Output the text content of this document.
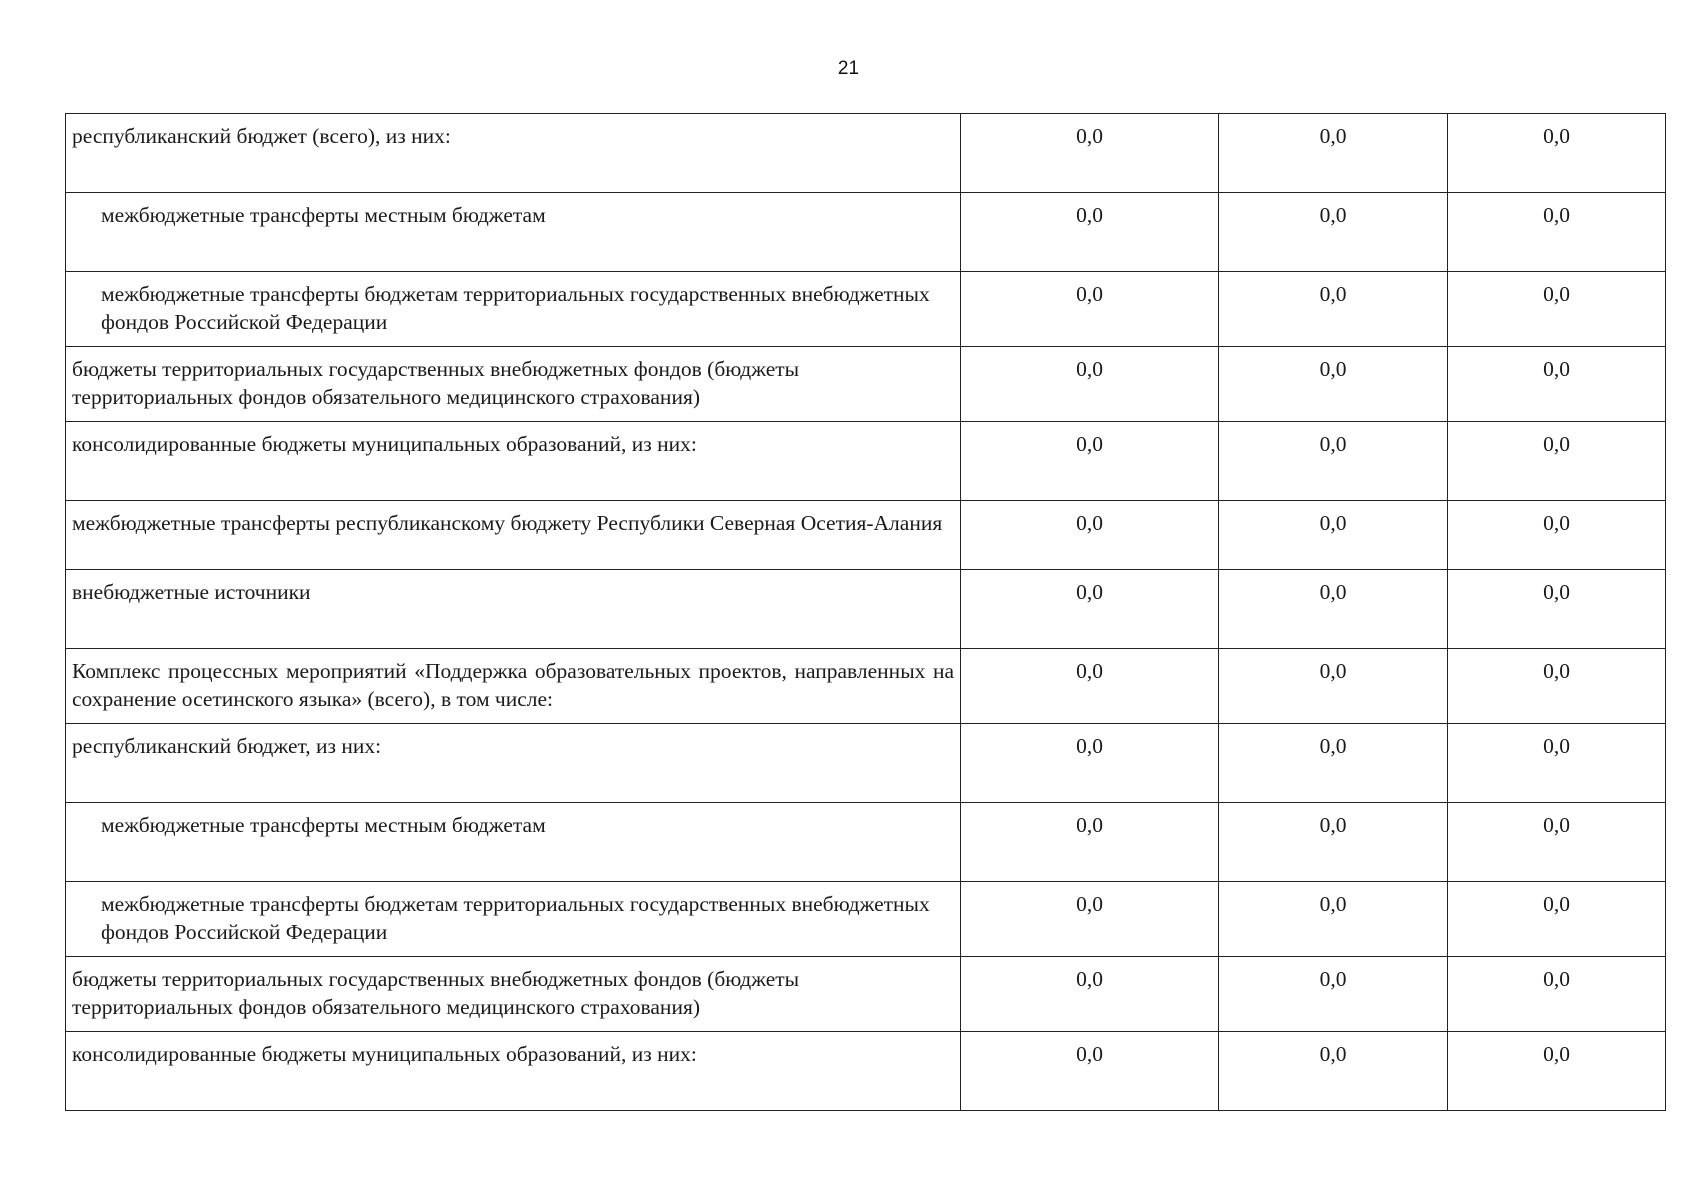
21
республиканский бюджет (всего), из них:	0,0	0,0	0,0
межбюджетные трансферты местным бюджетам	0,0	0,0	0,0
межбюджетные трансферты бюджетам территориальных государственных внебюджетных фондов Российской Федерации	0,0	0,0	0,0
бюджеты территориальных государственных внебюджетных фондов (бюджеты территориальных фондов обязательного медицинского страхования)	0,0	0,0	0,0
консолидированные бюджеты муниципальных образований, из них:	0,0	0,0	0,0
межбюджетные трансферты республиканскому бюджету Республики Северная Осетия-Алания	0,0	0,0	0,0
внебюджетные источники	0,0	0,0	0,0
Комплекс процессных мероприятий «Поддержка образовательных проектов, направленных на сохранение осетинского языка» (всего), в том числе:	0,0	0,0	0,0
республиканский бюджет, из них:	0,0	0,0	0,0
межбюджетные трансферты местным бюджетам	0,0	0,0	0,0
межбюджетные трансферты бюджетам территориальных государственных внебюджетных фондов Российской Федерации	0,0	0,0	0,0
бюджеты территориальных государственных внебюджетных фондов (бюджеты территориальных фондов обязательного медицинского страхования)	0,0	0,0	0,0
консолидированные бюджеты муниципальных образований, из них:	0,0	0,0	0,0
